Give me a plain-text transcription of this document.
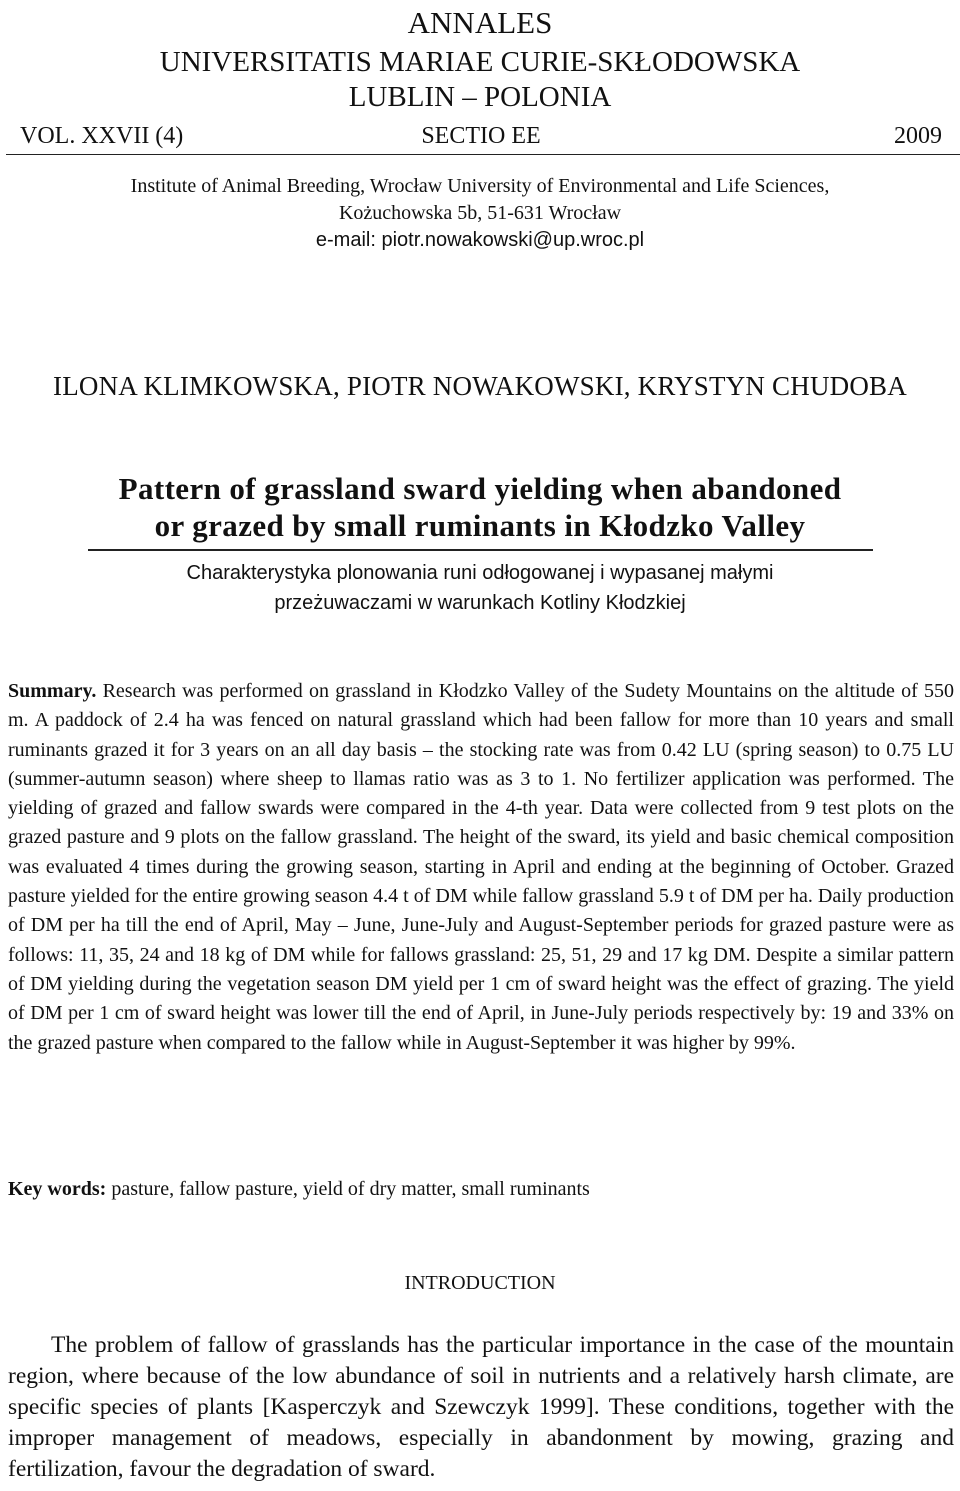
ANNALES
UNIVERSITATIS MARIAE CURIE-SKŁODOWSKA
LUBLIN – POLONIA
VOL. XXVII (4)	SECTIO EE	2009
Institute of Animal Breeding, Wrocław University of Environmental and Life Sciences,
Kożuchowska 5b, 51-631 Wrocław
e-mail: piotr.nowakowski@up.wroc.pl
ILONA KLIMKOWSKA, PIOTR NOWAKOWSKI, KRYSTYN CHUDOBA
Pattern of grassland sward yielding when abandoned
or grazed by small ruminants in Kłodzko Valley
Charakterystyka plonowania runi odłogowanej i wypasanej małymi
przeżuwaczami w warunkach Kotliny Kłodzkiej
Summary. Research was performed on grassland in Kłodzko Valley of the Sudety Mountains on the altitude of 550 m. A paddock of 2.4 ha was fenced on natural grassland which had been fallow for more than 10 years and small ruminants grazed it for 3 years on an all day basis – the stocking rate was from 0.42 LU (spring season) to 0.75 LU (summer-autumn season) where sheep to llamas ratio was as 3 to 1. No fertilizer application was performed. The yielding of grazed and fallow swards were compared in the 4-th year. Data were collected from 9 test plots on the grazed pasture and 9 plots on the fallow grassland. The height of the sward, its yield and basic chemical composition was evaluated 4 times during the growing season, starting in April and ending at the beginning of October. Grazed pasture yielded for the entire growing season 4.4 t of DM while fallow grassland 5.9 t of DM per ha. Daily production of DM per ha till the end of April, May – June, June-July and August-September periods for grazed pasture were as follows: 11, 35, 24 and 18 kg of DM while for fallows grassland: 25, 51, 29 and 17 kg DM. Despite a similar pattern of DM yielding during the vegetation season DM yield per 1 cm of sward height was the effect of grazing. The yield of DM per 1 cm of sward height was lower till the end of April, in June-July periods respectively by: 19 and 33% on the grazed pasture when compared to the fallow while in August-September it was higher by 99%.
Key words: pasture, fallow pasture, yield of dry matter, small ruminants
INTRODUCTION
The problem of fallow of grasslands has the particular importance in the case of the mountain region, where because of the low abundance of soil in nutrients and a relatively harsh climate, are specific species of plants [Kasperczyk and Szewczyk 1999]. These conditions, together with the improper management of meadows, especially in abandonment by mowing, grazing and fertilization, favour the degradation of sward.
